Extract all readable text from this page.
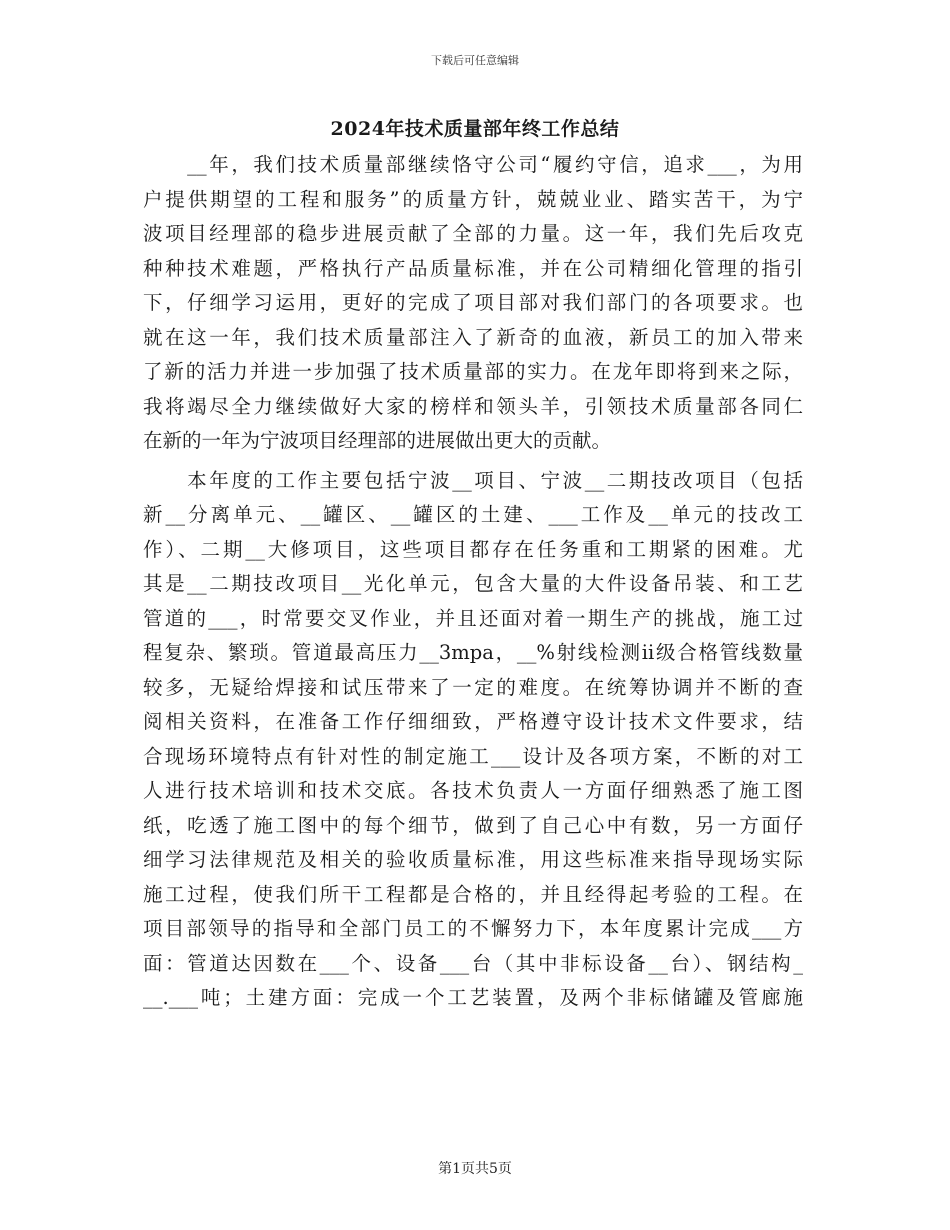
下载后可任意编辑
2024年技术质量部年终工作总结
　　__年，我们技术质量部继续恪守公司“履约守信，追求___，为用
户提供期望的工程和服务”的质量方针，兢兢业业、踏实苦干，为宁
波项目经理部的稳步进展贡献了全部的力量。这一年，我们先后攻克
种种技术难题，严格执行产品质量标准，并在公司精细化管理的指引
下，仔细学习运用，更好的完成了项目部对我们部门的各项要求。也
就在这一年，我们技术质量部注入了新奇的血液，新员工的加入带来
了新的活力并进一步加强了技术质量部的实力。在龙年即将到来之际，
我将竭尽全力继续做好大家的榜样和领头羊，引领技术质量部各同仁
在新的一年为宁波项目经理部的进展做出更大的贡献。
　　本年度的工作主要包括宁波__项目、宁波__二期技改项目（包括
新__分离单元、__罐区、__罐区的土建、___工作及__单元的技改工
作）、二期__大修项目，这些项目都存在任务重和工期紧的困难。尤
其是__二期技改项目__光化单元，包含大量的大件设备吊装、和工艺
管道的___，时常要交叉作业，并且还面对着一期生产的挑战，施工过
程复杂、繁琐。管道最高压力__3mpa，__%射线检测ii级合格管线数量
较多，无疑给焊接和试压带来了一定的难度。在统筹协调并不断的查
阅相关资料，在准备工作仔细细致，严格遵守设计技术文件要求，结
合现场环境特点有针对性的制定施工___设计及各项方案，不断的对工
人进行技术培训和技术交底。各技术负责人一方面仔细熟悉了施工图
纸，吃透了施工图中的每个细节，做到了自己心中有数，另一方面仔
细学习法律规范及相关的验收质量标准，用这些标准来指导现场实际
施工过程，使我们所干工程都是合格的，并且经得起考验的工程。在
项目部领导的指导和全部门员工的不懈努力下，本年度累计完成___方
面：管道达因数在___个、设备___台（其中非标设备__台）、钢结构_
__.___吨；土建方面：完成一个工艺装置，及两个非标储罐及管廊施
第1页共5页
